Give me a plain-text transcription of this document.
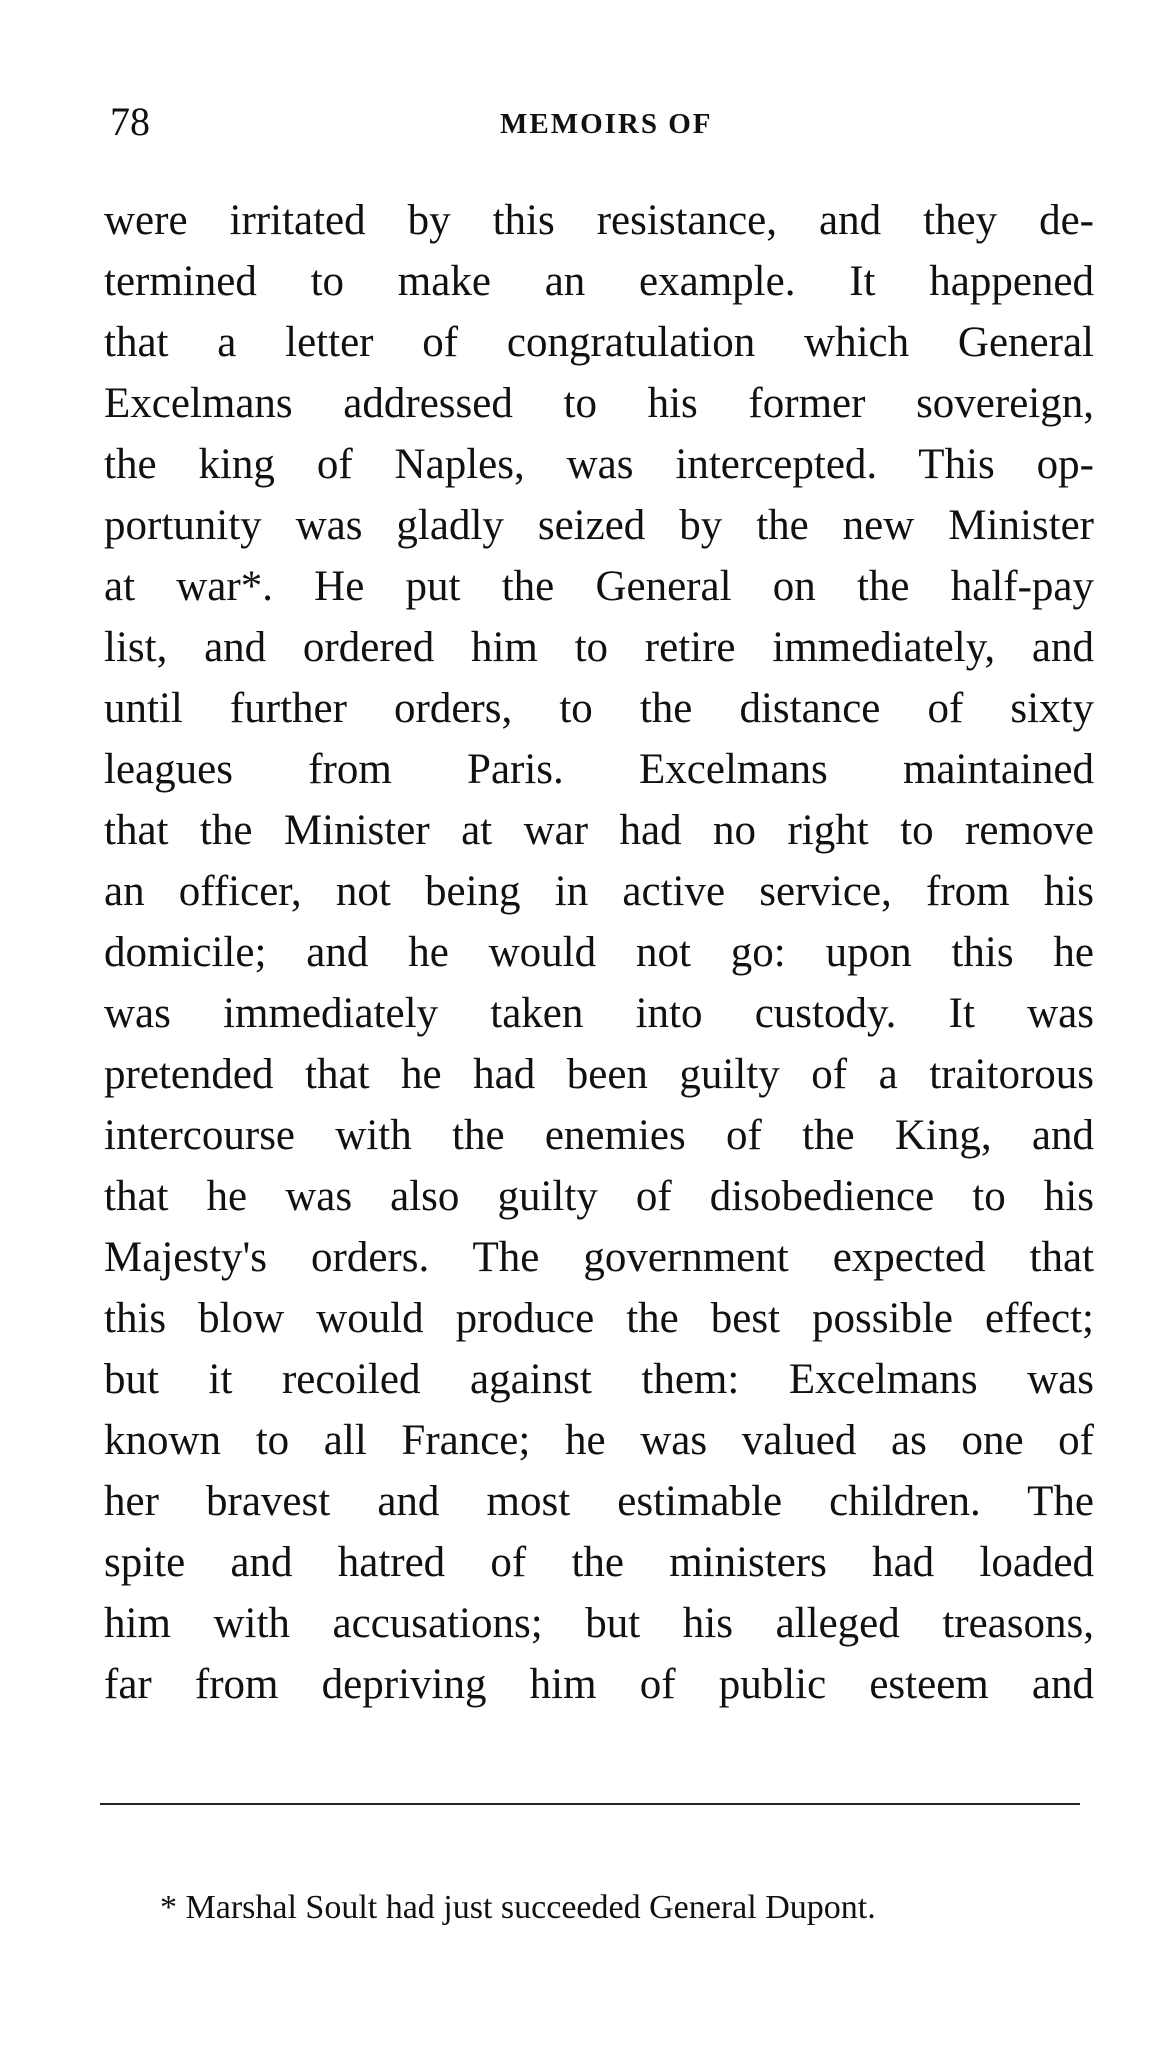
78	MEMOIRS OF
were irritated by this resistance, and they de-
termined to make an example. It happened
that a letter of congratulation which General
Excelmans addressed to his former sovereign,
the king of Naples, was intercepted. This op-
portunity was gladly seized by the new Minister
at war*. He put the General on the half-pay
list, and ordered him to retire immediately, and
until further orders, to the distance of sixty
leagues from Paris. Excelmans maintained
that the Minister at war had no right to remove
an officer, not being in active service, from his
domicile; and he would not go: upon this he
was immediately taken into custody. It was
pretended that he had been guilty of a traitorous
intercourse with the enemies of the King, and
that he was also guilty of disobedience to his
Majesty's orders. The government expected that
this blow would produce the best possible effect;
but it recoiled against them: Excelmans was
known to all France; he was valued as one of
her bravest and most estimable children. The
spite and hatred of the ministers had loaded
him with accusations; but his alleged treasons,
far from depriving him of public esteem and
* Marshal Soult had just succeeded General Dupont.
